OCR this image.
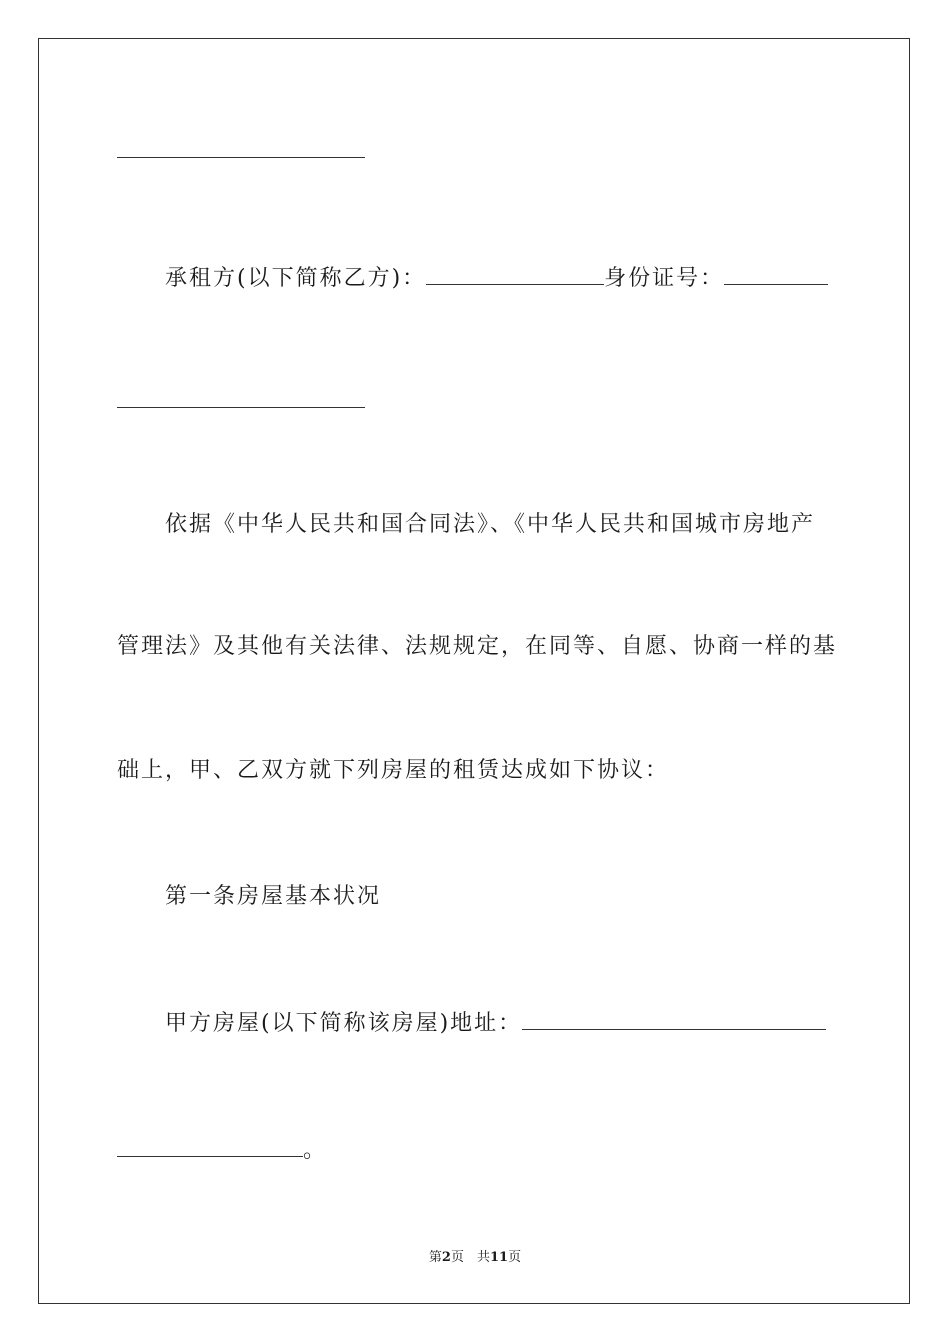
承租方(以下简称乙方)：	身份证号：
依据《中华人民共和国合同法》、《中华人民共和国城市房地产
管理法》及其他有关法律、法规规定，在同等、自愿、协商一样的基
础上，甲、乙双方就下列房屋的租赁达成如下协议：
第一条房屋基本状况
甲方房屋(以下简称该房屋)地址：
。
第2页　共11页
